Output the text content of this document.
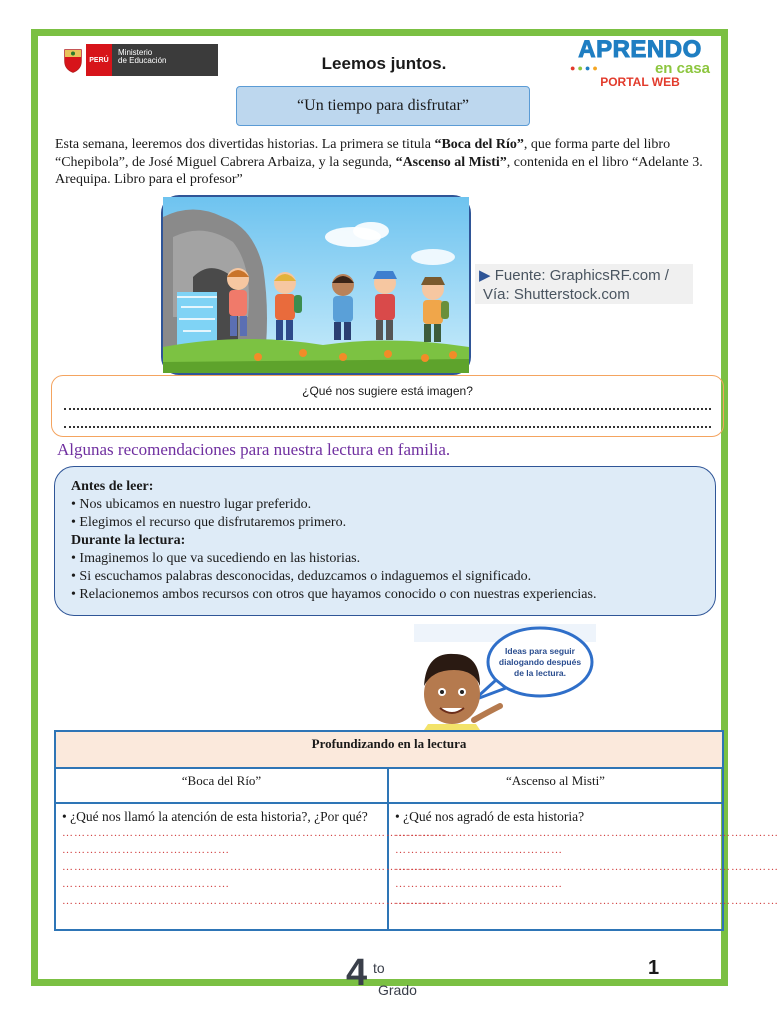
PERÚ
Ministerio
de Educación	Leemos juntos.
APRENDO
●●●●	en casa
PORTAL WEB
“Un tiempo para disfrutar”
Esta semana, leeremos dos divertidas historias. La primera se titula “Boca del Río”, que forma parte del libro “Chepibola”, de José Miguel Cabrera Arbaiza, y la segunda, “Ascenso al Misti”, contenida en el libro “Adelante 3. Arequipa. Libro para el profesor”
▶ Fuente: GraphicsRF.com /
Vía: Shutterstock.com
¿Qué nos sugiere está imagen?
Algunas recomendaciones para nuestra lectura en familia.
Antes de leer:
• Nos ubicamos en nuestro lugar preferido.
• Elegimos el recurso que disfrutaremos primero.
Durante la lectura:
• Imaginemos lo que va sucediendo en las historias.
• Si escuchamos palabras desconocidas, deduzcamos o indaguemos el significado.
• Relacionemos ambos recursos con otros que hayamos conocido o con nuestras experiencias.
Ideas para seguir
dialogando después
de la lectura.
Profundizando en la lectura
“Boca del Río”	“Ascenso al Misti”
• ¿Qué nos llamó la atención de esta historia?, ¿Por qué?
……………………………………………………………………………………
……………………………………
……………………………………………………………………………………
……………………………………
……………………………………………………………………………………
• ¿Qué nos agradó de esta historia?
……………………………………………………………………………………
……………………………………
……………………………………………………………………………………
……………………………………
……………………………………………………………………………………
4 to
Grado
1
